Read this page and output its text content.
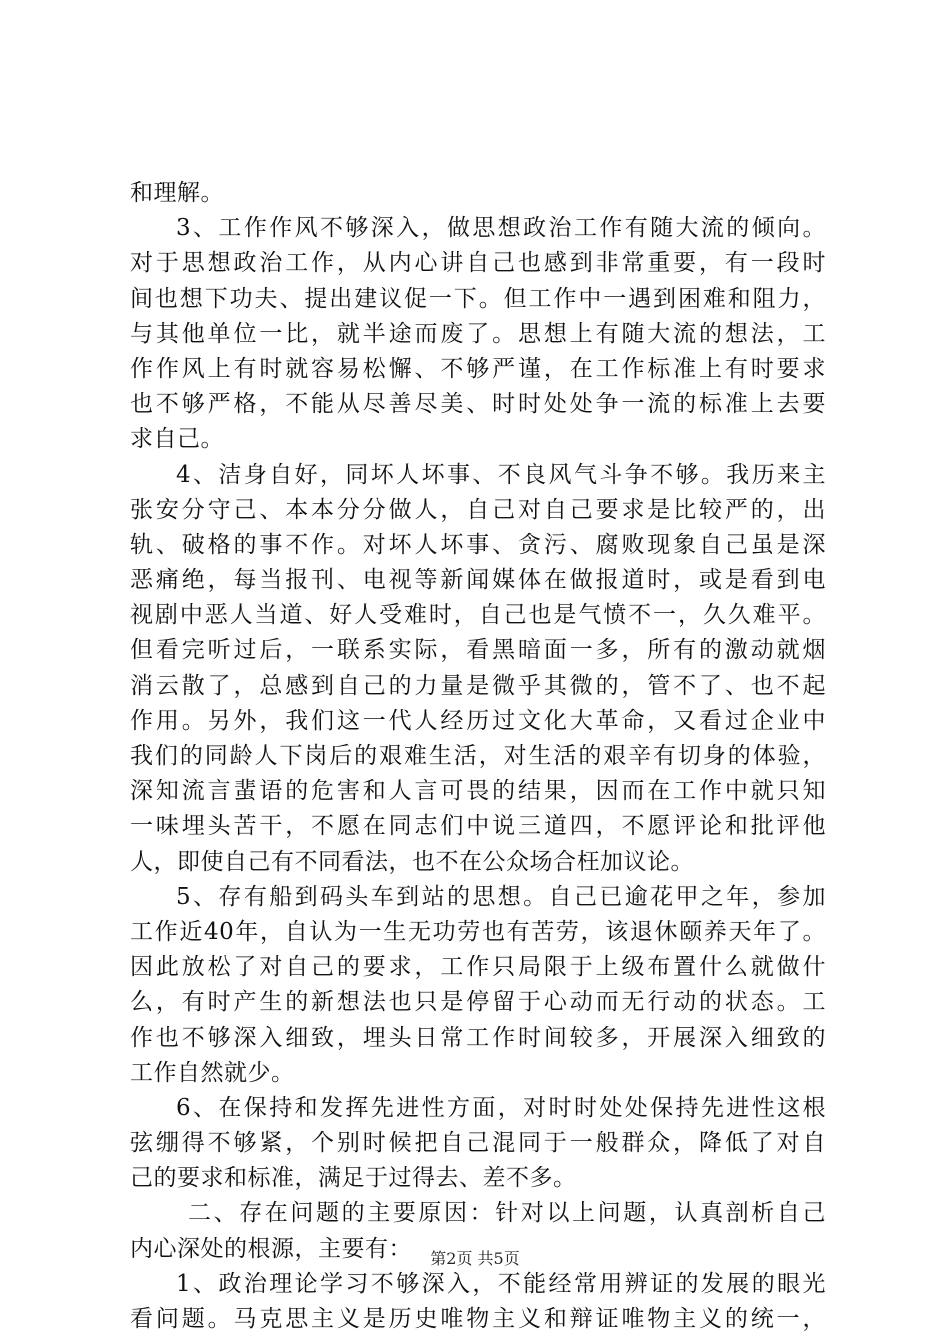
和理解。
3、工作作风不够深入，做思想政治工作有随大流的倾向。
对于思想政治工作，从内心讲自己也感到非常重要，有一段时
间也想下功夫、提出建议促一下。但工作中一遇到困难和阻力，
与其他单位一比，就半途而废了。思想上有随大流的想法，工
作作风上有时就容易松懈、不够严谨，在工作标准上有时要求
也不够严格，不能从尽善尽美、时时处处争一流的标准上去要
求自己。
4、洁身自好，同坏人坏事、不良风气斗争不够。我历来主
张安分守己、本本分分做人，自己对自己要求是比较严的，出
轨、破格的事不作。对坏人坏事、贪污、腐败现象自己虽是深
恶痛绝，每当报刊、电视等新闻媒体在做报道时，或是看到电
视剧中恶人当道、好人受难时，自己也是气愤不一，久久难平。
但看完听过后，一联系实际，看黑暗面一多，所有的激动就烟
消云散了，总感到自己的力量是微乎其微的，管不了、也不起
作用。另外，我们这一代人经历过文化大革命，又看过企业中
我们的同龄人下岗后的艰难生活，对生活的艰辛有切身的体验，
深知流言蜚语的危害和人言可畏的结果，因而在工作中就只知
一味埋头苦干，不愿在同志们中说三道四，不愿评论和批评他
人，即使自己有不同看法，也不在公众场合枉加议论。
5、存有船到码头车到站的思想。自己已逾花甲之年，参加
工作近40年，自认为一生无功劳也有苦劳，该退休颐养天年了。
因此放松了对自己的要求，工作只局限于上级布置什么就做什
么，有时产生的新想法也只是停留于心动而无行动的状态。工
作也不够深入细致，埋头日常工作时间较多，开展深入细致的
工作自然就少。
6、在保持和发挥先进性方面，对时时处处保持先进性这根
弦绷得不够紧，个别时候把自己混同于一般群众，降低了对自
己的要求和标准，满足于过得去、差不多。
二、存在问题的主要原因：针对以上问题，认真剖析自己
内心深处的根源，主要有：
1、政治理论学习不够深入，不能经常用辨证的发展的眼光
看问题。马克思主义是历史唯物主义和辩证唯物主义的统一，
第2页 共5页
